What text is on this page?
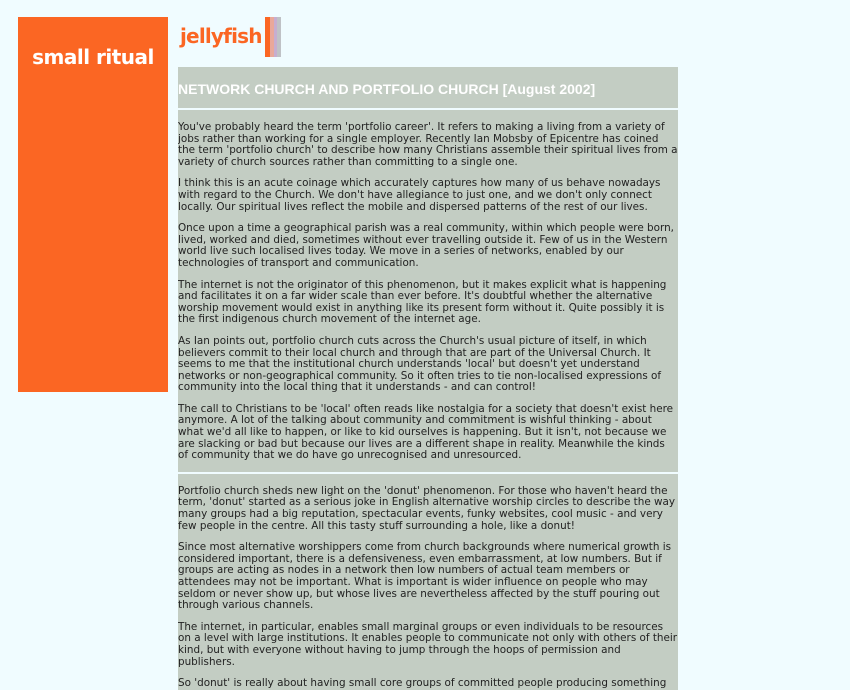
small ritual
jellyfish
NETWORK CHURCH AND PORTFOLIO CHURCH [August 2002]

You've probably heard the term 'portfolio career'. It refers to making a living from a variety of jobs rather than working for a single employer. Recently Ian Mobsby of Epicentre has coined the term 'portfolio church' to describe how many Christians assemble their spiritual lives from a variety of church sources rather than committing to a single one.

I think this is an acute coinage which accurately captures how many of us behave nowadays with regard to the Church. We don't have allegiance to just one, and we don't only connect locally. Our spiritual lives reflect the mobile and dispersed patterns of the rest of our lives.

Once upon a time a geographical parish was a real community, within which people were born, lived, worked and died, sometimes without ever travelling outside it. Few of us in the Western world live such localised lives today. We move in a series of networks, enabled by our technologies of transport and communication.

The internet is not the originator of this phenomenon, but it makes explicit what is happening and facilitates it on a far wider scale than ever before. It's doubtful whether the alternative worship movement would exist in anything like its present form without it. Quite possibly it is the first indigenous church movement of the internet age.

As Ian points out, portfolio church cuts across the Church's usual picture of itself, in which believers commit to their local church and through that are part of the Universal Church. It seems to me that the institutional church understands 'local' but doesn't yet understand networks or non-geographical community. So it often tries to tie non-localised expressions of community into the local thing that it understands - and can control!

The call to Christians to be 'local' often reads like nostalgia for a society that doesn't exist here anymore. A lot of the talking about community and commitment is wishful thinking - about what we'd all like to happen, or like to kid ourselves is happening. But it isn't, not because we are slacking or bad but because our lives are a different shape in reality. Meanwhile the kinds of community that we do have go unrecognised and unresourced.

Portfolio church sheds new light on the 'donut' phenomenon. For those who haven't heard the term, 'donut' started as a serious joke in English alternative worship circles to describe the way many groups had a big reputation, spectacular events, funky websites, cool music - and very few people in the centre. All this tasty stuff surrounding a hole, like a donut!

Since most alternative worshippers come from church backgrounds where numerical growth is considered important, there is a defensiveness, even embarrassment, at low numbers. But if groups are acting as nodes in a network then low numbers of actual team members or attendees may not be important. What is important is wider influence on people who may seldom or never show up, but whose lives are nevertheless affected by the stuff pouring out through various channels.

The internet, in particular, enables small marginal groups or even individuals to be resources on a level with large institutions. It enables people to communicate not only with others of their kind, but with everyone without having to jump through the hoops of permission and publishers.

So 'donut' is really about having small core groups of committed people producing something
